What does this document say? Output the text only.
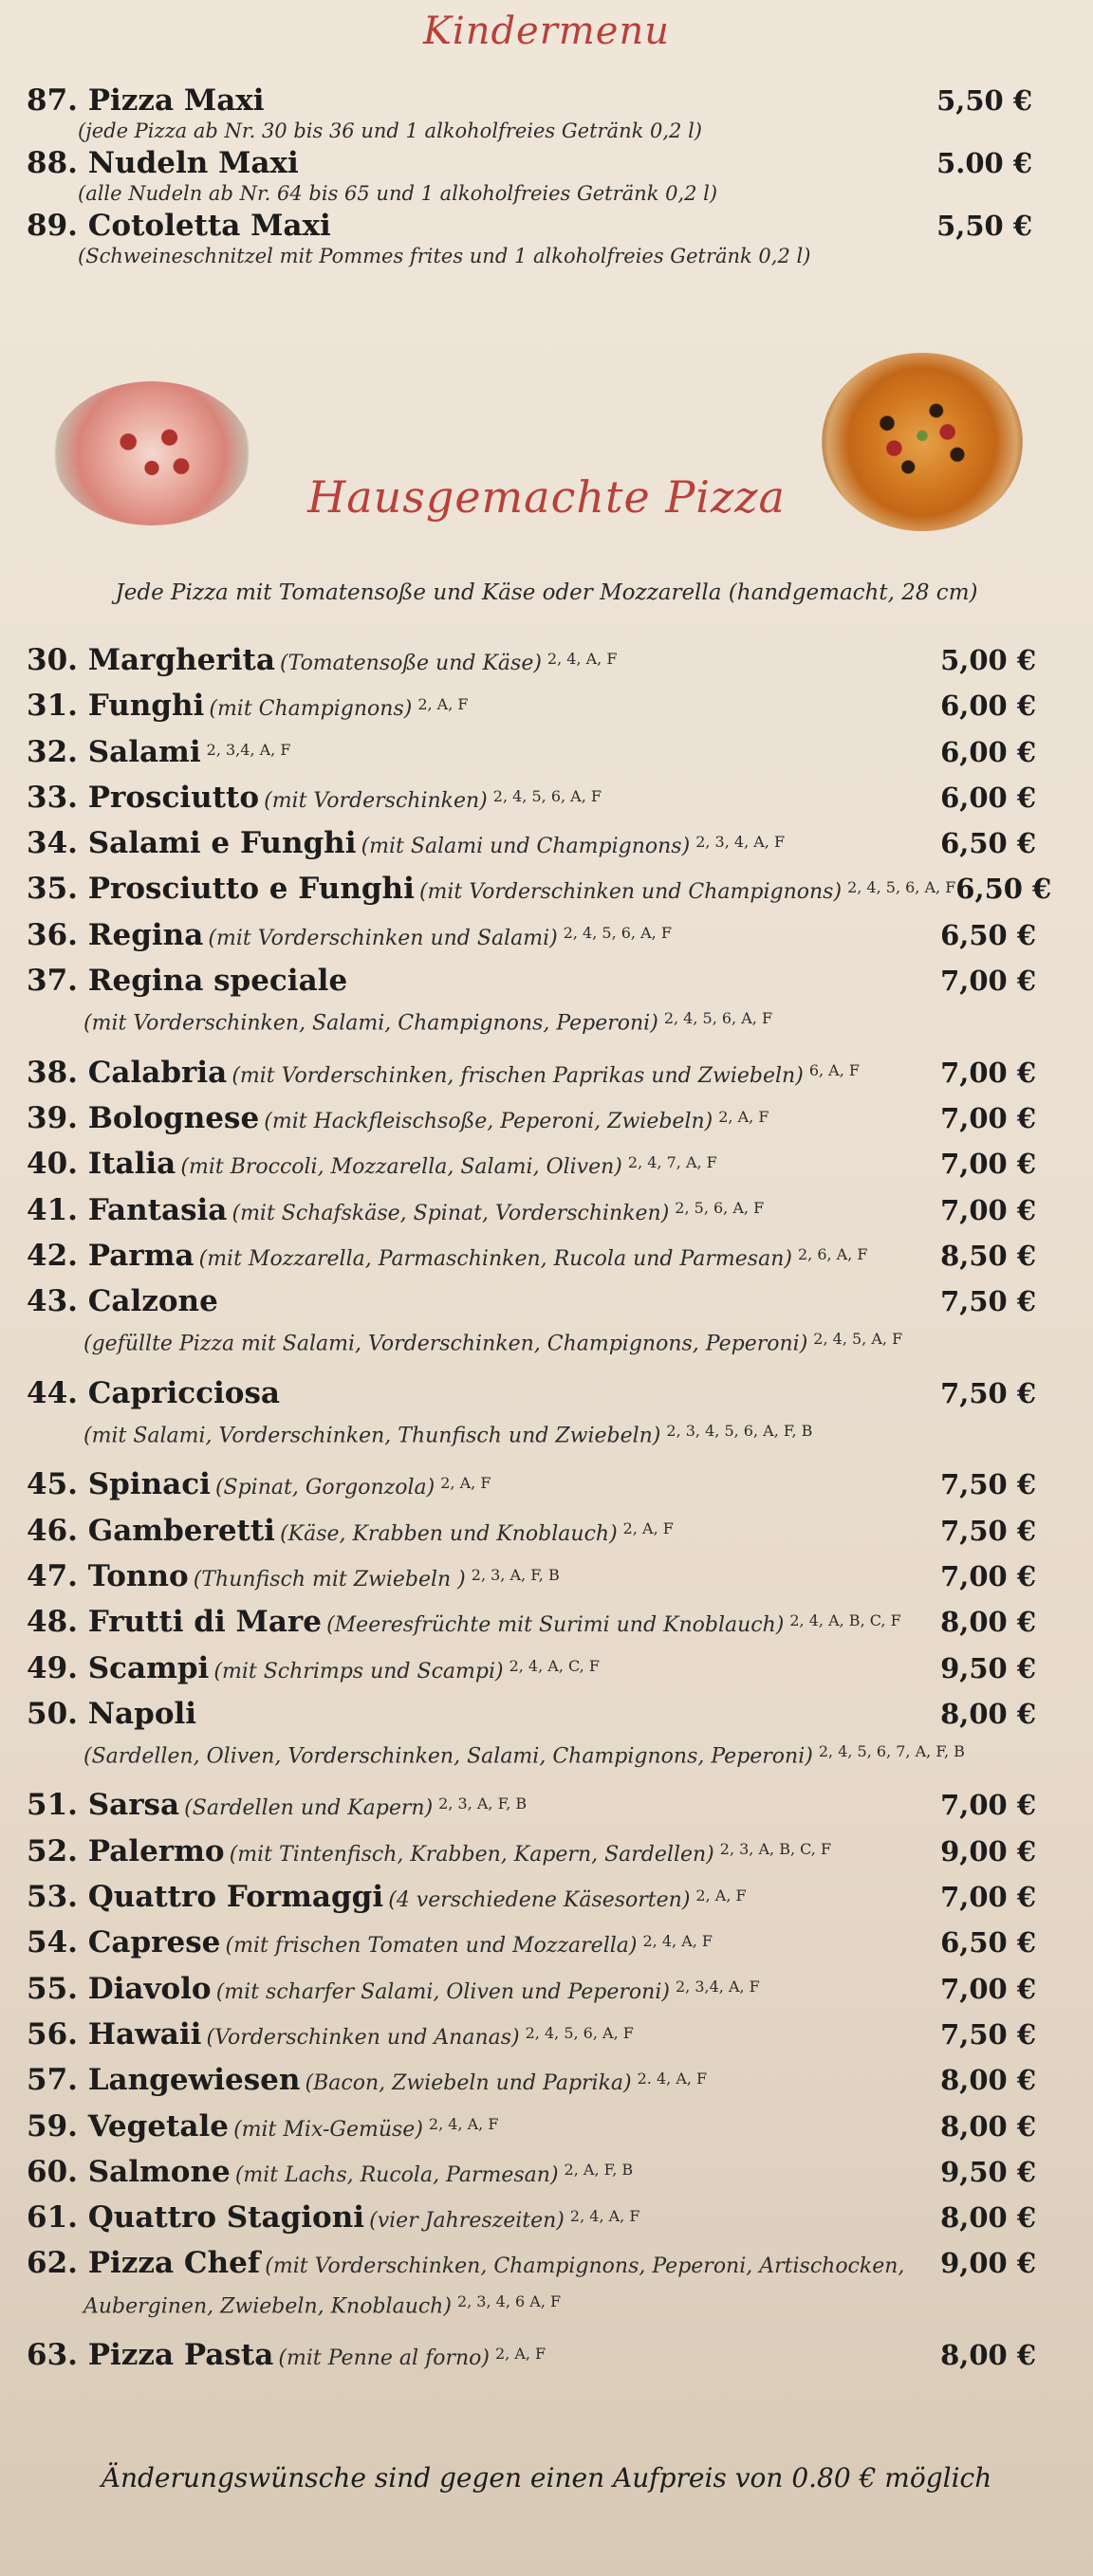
Kindermenu
87. Pizza Maxi	5,50 €
(jede Pizza ab Nr. 30 bis 36 und 1 alkoholfreies Getränk 0,2 l)
88. Nudeln Maxi	5.00 €
(alle Nudeln ab Nr. 64 bis 65 und 1 alkoholfreies Getränk 0,2 l)
89. Cotoletta Maxi	5,50 €
(Schweineschnitzel mit Pommes frites und 1 alkoholfreies Getränk 0,2 l)
Hausgemachte Pizza
Jede Pizza mit Tomatensoße und Käse oder Mozzarella (handgemacht, 28 cm)
30. Margherita (Tomatensoße und Käse) 2, 4, A, F	5,00 €
31. Funghi (mit Champignons) 2, A, F	6,00 €
32. Salami 2, 3,4, A, F	6,00 €
33. Prosciutto (mit Vorderschinken) 2, 4, 5, 6, A, F	6,00 €
34. Salami e Funghi (mit Salami und Champignons) 2, 3, 4, A, F	6,50 €
35. Prosciutto e Funghi (mit Vorderschinken und Champignons) 2, 4, 5, 6, A, F 6,50 €
36. Regina (mit Vorderschinken und Salami) 2, 4, 5, 6, A, F	6,50 €
37. Regina speciale	7,00 €
(mit Vorderschinken, Salami, Champignons, Peperoni) 2, 4, 5, 6, A, F
38. Calabria (mit Vorderschinken, frischen Paprikas und Zwiebeln) 6, A, F	7,00 €
39. Bolognese (mit Hackfleischsoße, Peperoni, Zwiebeln) 2, A, F	7,00 €
40. Italia (mit Broccoli, Mozzarella, Salami, Oliven) 2, 4, 7, A, F	7,00 €
41. Fantasia (mit Schafskäse, Spinat, Vorderschinken) 2, 5, 6, A, F	7,00 €
42. Parma (mit Mozzarella, Parmaschinken, Rucola und Parmesan) 2, 6, A, F	8,50 €
43. Calzone	7,50 €
(gefüllte Pizza mit Salami, Vorderschinken, Champignons, Peperoni) 2, 4, 5, A, F
44. Capricciosa	7,50 €
(mit Salami, Vorderschinken, Thunfisch und Zwiebeln) 2, 3, 4, 5, 6, A, F, B
45. Spinaci (Spinat, Gorgonzola) 2, A, F	7,50 €
46. Gamberetti (Käse, Krabben und Knoblauch) 2, A, F	7,50 €
47. Tonno (Thunfisch mit Zwiebeln ) 2, 3, A, F, B	7,00 €
48. Frutti di Mare (Meeresfrüchte mit Surimi und Knoblauch) 2, 4, A, B, C, F 8,00 €
49. Scampi (mit Schrimps und Scampi) 2, 4, A, C, F	9,50 €
50. Napoli	8,00 €
(Sardellen, Oliven, Vorderschinken, Salami, Champignons, Peperoni) 2, 4, 5, 6, 7, A, F, B
51. Sarsa (Sardellen und Kapern) 2, 3, A, F, B	7,00 €
52. Palermo (mit Tintenfisch, Krabben, Kapern, Sardellen) 2, 3, A, B, C, F	9,00 €
53. Quattro Formaggi (4 verschiedene Käsesorten) 2, A, F	7,00 €
54. Caprese (mit frischen Tomaten und Mozzarella) 2, 4, A, F	6,50 €
55. Diavolo (mit scharfer Salami, Oliven und Peperoni) 2, 3,4, A, F	7,00 €
56. Hawaii (Vorderschinken und Ananas) 2, 4, 5, 6, A, F	7,50 €
57. Langewiesen (Bacon, Zwiebeln und Paprika) 2. 4, A, F	8,00 €
59. Vegetale (mit Mix-Gemüse) 2, 4, A, F	8,00 €
60. Salmone (mit Lachs, Rucola, Parmesan) 2, A, F, B	9,50 €
61. Quattro Stagioni (vier Jahreszeiten) 2, 4, A, F	8,00 €
62. Pizza Chef (mit Vorderschinken, Champignons, Peperoni, Artischocken, 9,00 €
Auberginen, Zwiebeln, Knoblauch) 2, 3, 4, 6 A, F
63. Pizza Pasta (mit Penne al forno) 2, A, F	8,00 €
Änderungswünsche sind gegen einen Aufpreis von 0.80 € möglich
